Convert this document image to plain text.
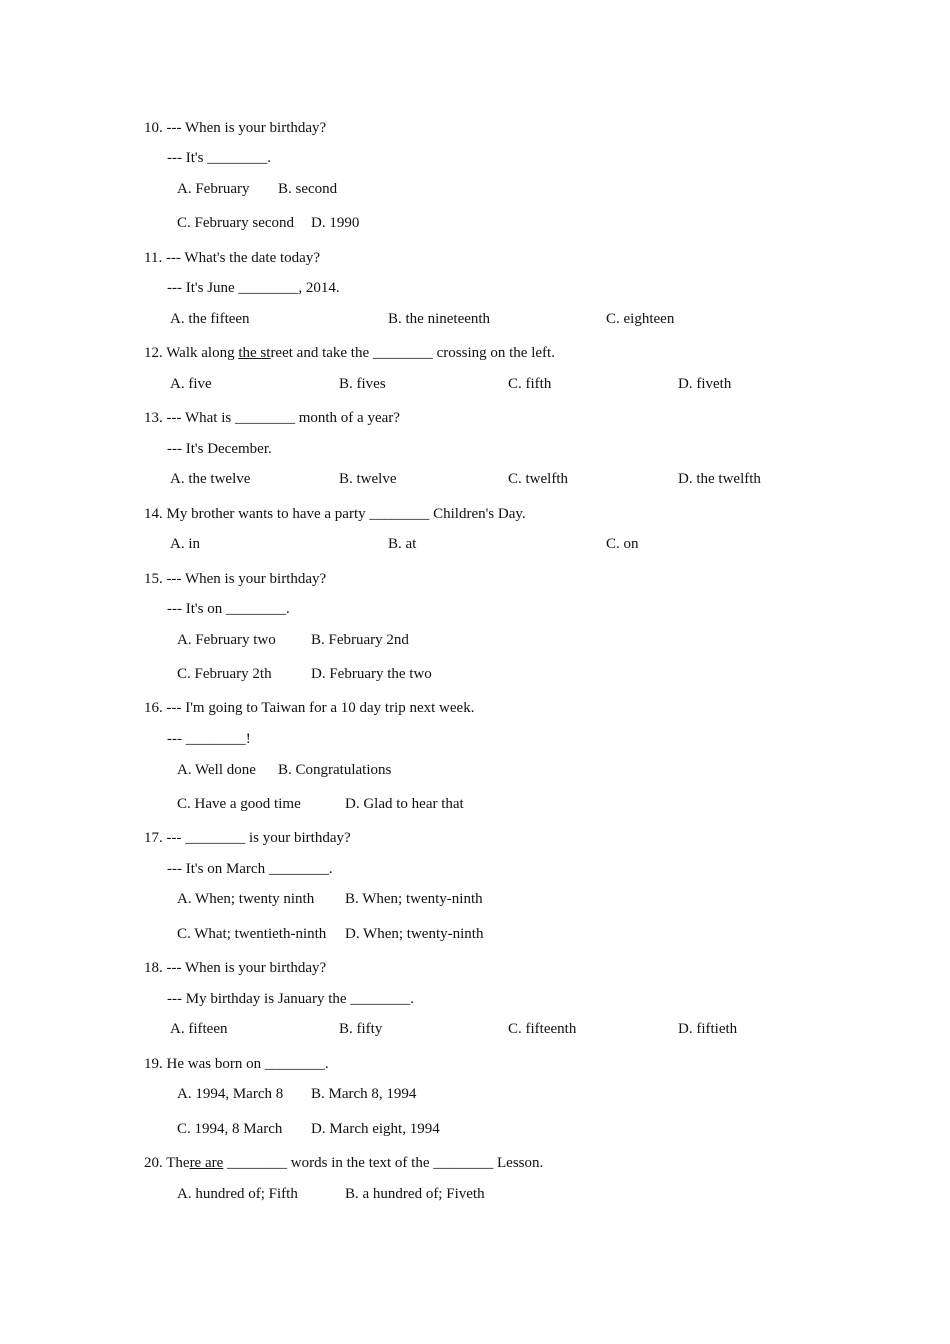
10. --- When is your birthday?
--- It's ________.
A. February B. second
C. February second D. 1990
11. --- What's the date today?
--- It's June ________, 2014.
A. the fifteen	B. the nineteenth	C. eighteen
12. Walk along the street and take the ________ crossing on the left.
A. five	B. fives	C. fifth	D. fiveth
13. --- What is ________ month of a year?
--- It's December.
A. the twelve	B. twelve	C. twelfth	D. the twelfth
14. My brother wants to have a party ________ Children's Day.
A. in	B. at	C. on
15. --- When is your birthday?
--- It's on ________.
A. February two B. February 2nd
C. February 2th	D. February the two
16. --- I'm going to Taiwan for a 10 day trip next week.
--- ________!
A. Well done B. Congratulations
C. Have a good time	D. Glad to hear that
17. --- ________ is your birthday?
--- It's on March ________.
A. When; twenty ninth B. When; twenty-ninth
C. What; twentieth-ninth D. When; twenty-ninth
18. --- When is your birthday?
--- My birthday is January the ________.
A. fifteen	B. fifty	C. fifteenth	D. fiftieth
19. He was born on ________.
A. 1994, March 8 B. March 8, 1994
C. 1994, 8 March D. March eight, 1994
20. There are ________ words in the text of the ________ Lesson.
A. hundred of; Fifth	B. a hundred of; Fiveth
